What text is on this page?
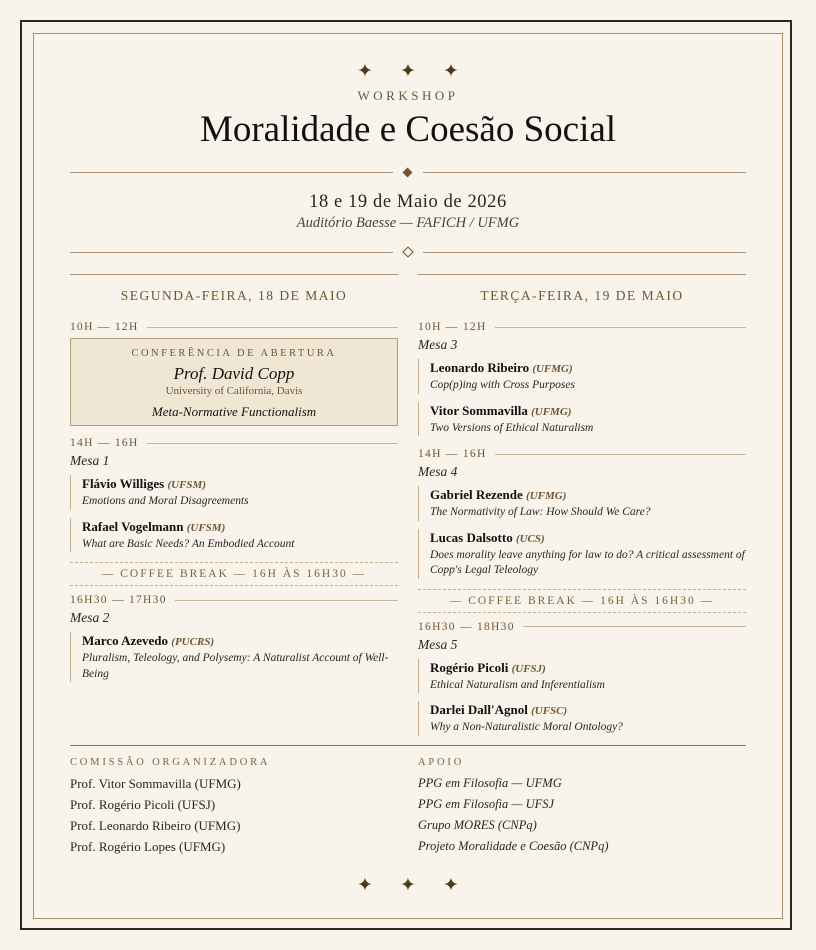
✦ ✦ ✦
WORKSHOP
Moralidade e Coesão Social
18 e 19 de Maio de 2026
Auditório Baesse — FAFICH / UFMG
SEGUNDA-FEIRA, 18 DE MAIO
10H — 12H
CONFERÊNCIA DE ABERTURA
Prof. David Copp
University of California, Davis
Meta-Normative Functionalism
14H — 16H
Mesa 1
Flávio Williges (UFSM)
Emotions and Moral Disagreements
Rafael Vogelmann (UFSM)
What are Basic Needs? An Embodied Account
— COFFEE BREAK — 16H ÀS 16H30 —
16H30 — 17H30
Mesa 2
Marco Azevedo (PUCRS)
Pluralism, Teleology, and Polysemy: A Naturalist Account of Well-Being
TERÇA-FEIRA, 19 DE MAIO
10H — 12H
Mesa 3
Leonardo Ribeiro (UFMG)
Cop(p)ing with Cross Purposes
Vitor Sommavilla (UFMG)
Two Versions of Ethical Naturalism
14H — 16H
Mesa 4
Gabriel Rezende (UFMG)
The Normativity of Law: How Should We Care?
Lucas Dalsotto (UCS)
Does morality leave anything for law to do? A critical assessment of Copp's Legal Teleology
— COFFEE BREAK — 16H ÀS 16H30 —
16H30 — 18H30
Mesa 5
Rogério Picoli (UFSJ)
Ethical Naturalism and Inferentialism
Darlei Dall'Agnol (UFSC)
Why a Non-Naturalistic Moral Ontology?
COMISSÃO ORGANIZADORA
Prof. Vitor Sommavilla (UFMG)
Prof. Rogério Picoli (UFSJ)
Prof. Leonardo Ribeiro (UFMG)
Prof. Rogério Lopes (UFMG)
APOIO
PPG em Filosofia — UFMG
PPG em Filosofia — UFSJ
Grupo MORES (CNPq)
Projeto Moralidade e Coesão (CNPq)
✦ ✦ ✦
